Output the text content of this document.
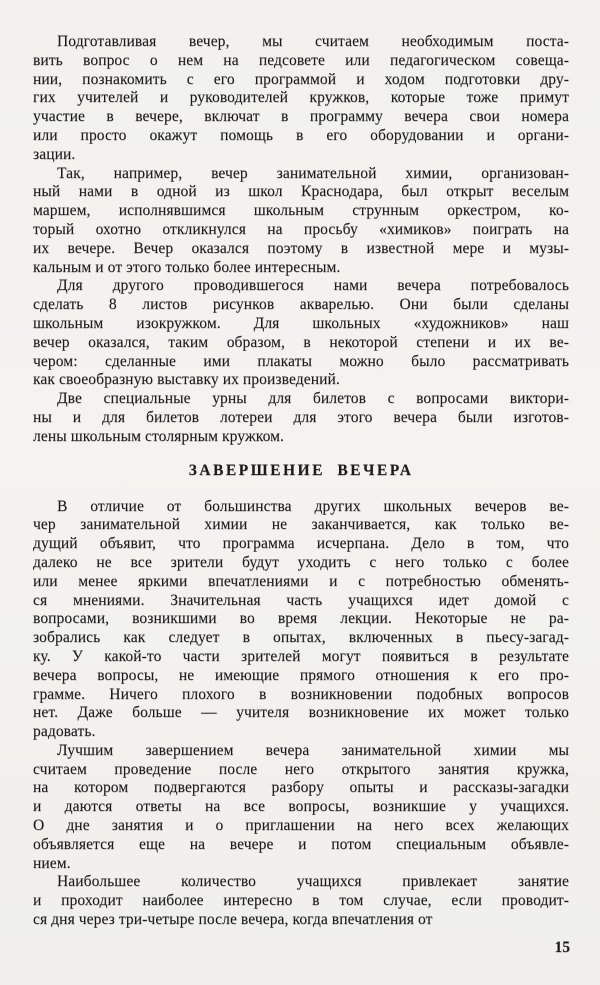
Подготавливая вечер, мы считаем необходимым поста-
вить вопрос о нем на педсовете или педагогическом совеща-
нии, познакомить с его программой и ходом подготовки дру-
гих учителей и руководителей кружков, которые тоже примут
участие в вечере, включат в программу вечера свои номера
или просто окажут помощь в его оборудовании и органи-
зации.

Так, например, вечер занимательной химии, организован-
ный нами в одной из школ Краснодара, был открыт веселым
маршем, исполнявшимся школьным струнным оркестром, ко-
торый охотно откликнулся на просьбу «химиков» поиграть на
их вечере. Вечер оказался поэтому в известной мере и музы-
кальным и от этого только более интересным.

Для другого проводившегося нами вечера потребовалось
сделать 8 листов рисунков акварелью. Они были сделаны
школьным изокружком. Для школьных «художников» наш
вечер оказался, таким образом, в некоторой степени и их ве-
чером: сделанные ими плакаты можно было рассматривать
как своеобразную выставку их произведений.

Две специальные урны для билетов с вопросами виктори-
ны и для билетов лотереи для этого вечера были изготов-
лены школьным столярным кружком.

ЗАВЕРШЕНИЕ ВЕЧЕРА

В отличие от большинства других школьных вечеров ве-
чер занимательной химии не заканчивается, как только ве-
дущий объявит, что программа исчерпана. Дело в том, что
далеко не все зрители будут уходить с него только с более
или менее яркими впечатлениями и с потребностью обменять-
ся мнениями. Значительная часть учащихся идет домой с
вопросами, возникшими во время лекции. Некоторые не ра-
зобрались как следует в опытах, включенных в пьесу-загад-
ку. У какой-то части зрителей могут появиться в результате
вечера вопросы, не имеющие прямого отношения к его про-
грамме. Ничего плохого в возникновении подобных вопросов
нет. Даже больше — учителя возникновение их может только
радовать.

Лучшим завершением вечера занимательной химии мы
считаем проведение после него открытого занятия кружка,
на котором подвергаются разбору опыты и рассказы-загадки
и даются ответы на все вопросы, возникшие у учащихся.
О дне занятия и о приглашении на него всех желающих
объявляется еще на вечере и потом специальным объявле-
нием.

Наибольшее количество учащихся привлекает занятие
и проходит наиболее интересно в том случае, если проводит-
ся дня через три-четыре после вечера, когда впечатления от

15
